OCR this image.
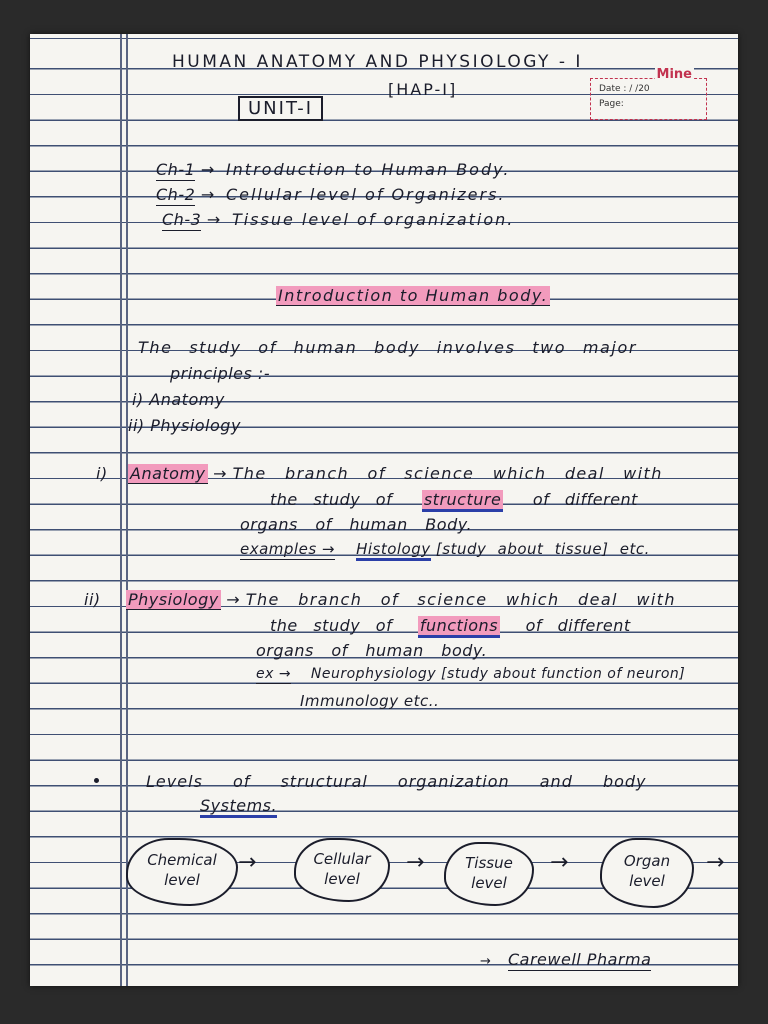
HUMAN ANATOMY AND PHYSIOLOGY - I
[HAP-I]
UNIT-I
Mine
Date : / /20
Page:
Ch-1 → Introduction to Human Body.
Ch-2 → Cellular level of Organizers.
Ch-3 → Tissue level of organization.
Introduction to Human body.
The study of human body involves two major
principles :-
i) Anatomy
ii) Physiology
i) Anatomy → The branch of science which deal with
the study of structure of different
organs of human Body.
examples → Histology [study about tissue] etc.
ii) Physiology → The branch of science which deal with
the study of functions of different
organs of human body.
ex → Neurophysiology [study about function of neuron]
Immunology etc..
Levels of structural organization and body
Systems.
Chemical
level
→	Cellular
level
→	Tissue
level
→	Organ
level
→
→ Carewell Pharma
